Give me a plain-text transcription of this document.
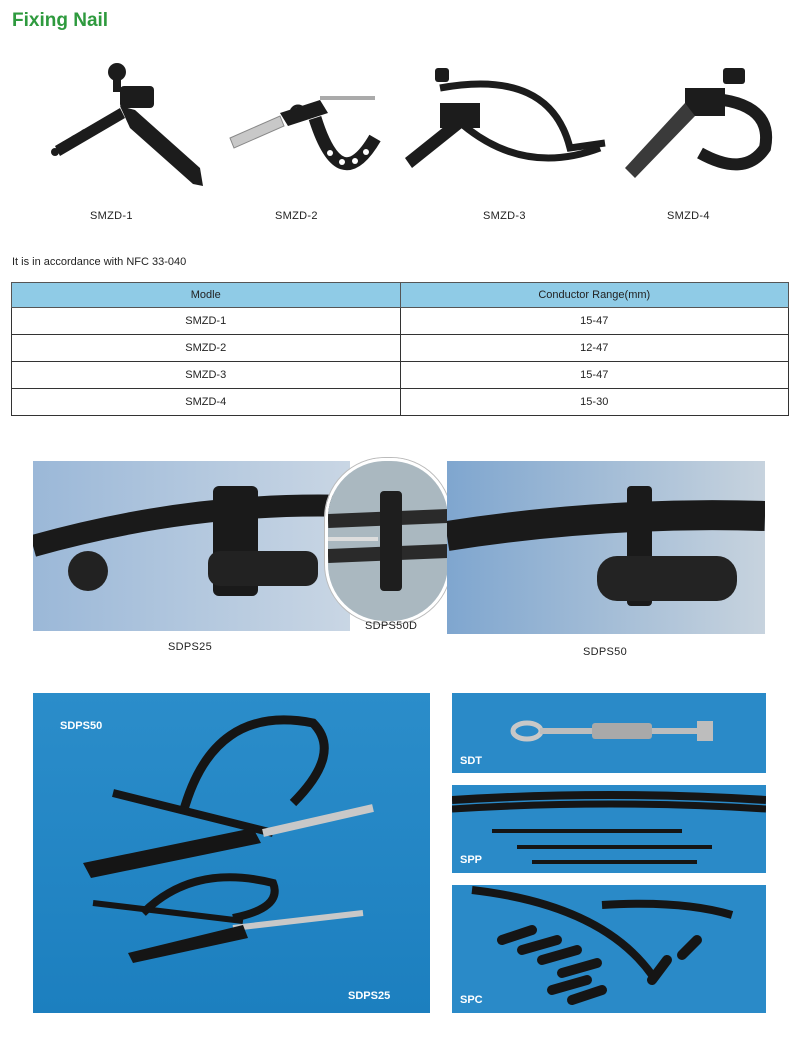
Fixing Nail
SMZD-1	SMZD-2	SMZD-3	SMZD-4
It is in accordance with NFC 33-040
Modle	Conductor Range(mm)
SMZD-1	15-47
SMZD-2	12-47
SMZD-3	15-47
SMZD-4	15-30
SDPS25
SDPS50D
SDPS50
SDPS50
SDPS25
SDT
SPP
SPC
